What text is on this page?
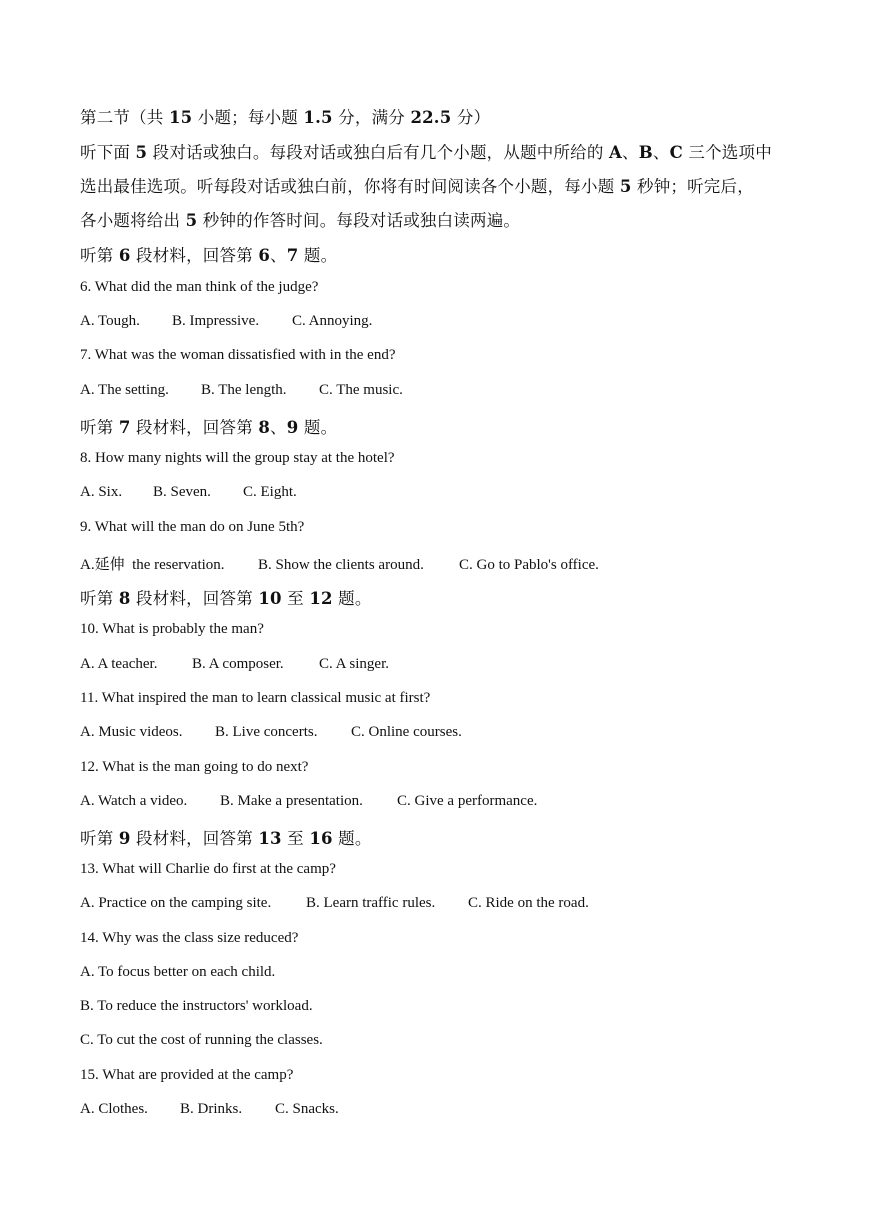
第二节（共 15 小题；每小题 1.5 分，满分 22.5 分）
听下面 5 段对话或独白。每段对话或独白后有几个小题，从题中所给的 A、B、C 三个选项中
选出最佳选项。听每段对话或独白前，你将有时间阅读各个小题，每小题 5 秒钟；听完后，
各小题将给出 5 秒钟的作答时间。每段对话或独白读两遍。
听第 6 段材料，回答第 6、7 题。
6. What did the man think of the judge?
A. Tough. B. Impressive. C. Annoying.
7. What was the woman dissatisfied with in the end?
A. The setting. B. The length. C. The music.
听第 7 段材料，回答第 8、9 题。
8. How many nights will the group stay at the hotel?
A. Six. B. Seven. C. Eight.
9. What will the man do on June 5th?
A.延伸  the reservation. B. Show the clients around. C. Go to Pablo's office.
听第 8 段材料，回答第 10 至 12 题。
10. What is probably the man?
A. A teacher. B. A composer. C. A singer.
11. What inspired the man to learn classical music at first?
A. Music videos. B. Live concerts. C. Online courses.
12. What is the man going to do next?
A. Watch a video. B. Make a presentation. C. Give a performance.
听第 9 段材料，回答第 13 至 16 题。
13. What will Charlie do first at the camp?
A. Practice on the camping site. B. Learn traffic rules. C. Ride on the road.
14. Why was the class size reduced?
A. To focus better on each child.
B. To reduce the instructors' workload.
C. To cut the cost of running the classes.
15. What are provided at the camp?
A. Clothes. B. Drinks. C. Snacks.
